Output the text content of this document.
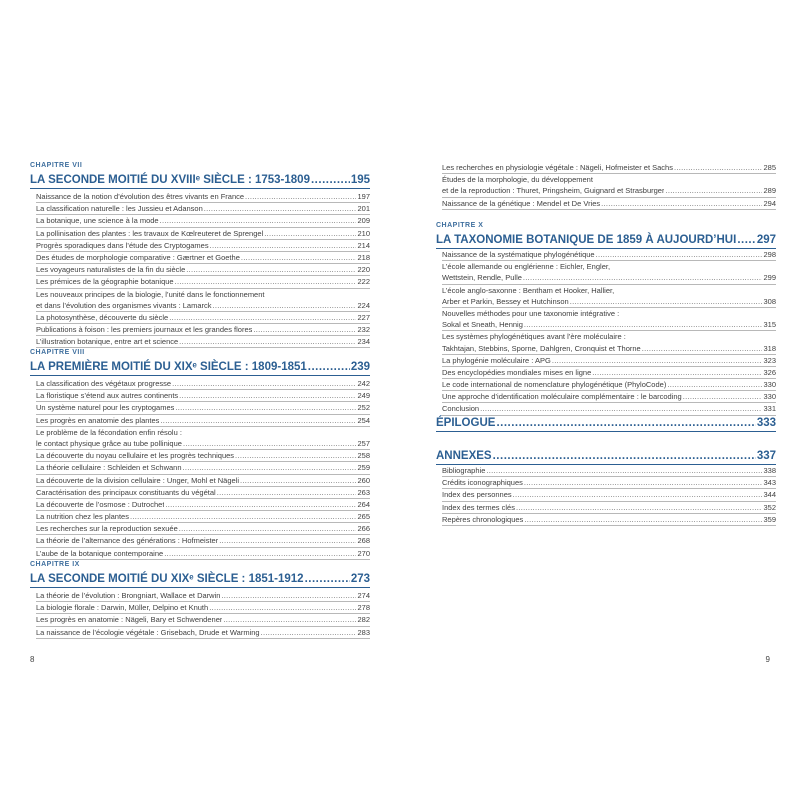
CHAPITRE VII
LA SECONDE MOITIÉ DU XVIIIᵉ SIÈCLE : 1753-1809 .....	195
Naissance de la notion d’évolution des êtres vivants en France .....	197
La classification naturelle : les Jussieu et Adanson .....	201
La botanique, une science à la mode .....	209
La pollinisation des plantes : les travaux de Kœlreuteret de Sprengel .....	210
Progrès sporadiques dans l’étude des Cryptogames .....	214
Des études de morphologie comparative : Gærtner et Goethe .....	218
Les voyageurs naturalistes de la fin du siècle .....	220
Les prémices de la géographie botanique .....	222
Les nouveaux principes de la biologie, l’unité dans le fonctionnement
et dans l’évolution des organismes vivants : Lamarck .....	224
La photosynthèse, découverte du siècle .....	227
Publications à foison : les premiers journaux et les grandes flores .....	232
L’illustration botanique, entre art et science .....	234
CHAPITRE VIII
LA PREMIÈRE MOITIÉ DU XIXᵉ SIÈCLE : 1809-1851 .....	239
La classification des végétaux progresse .....	242
La floristique s’étend aux autres continents .....	249
Un système naturel pour les cryptogames .....	252
Les progrès en anatomie des plantes .....	254
Le problème de la fécondation enfin résolu :
le contact physique grâce au tube pollinique .....	257
La découverte du noyau cellulaire et les progrès techniques .....	258
La théorie cellulaire : Schleiden et Schwann .....	259
La découverte de la division cellulaire : Unger, Mohl et Nägeli .....	260
Caractérisation des principaux constituants du végétal .....	263
La découverte de l’osmose : Dutrochet .....	264
La nutrition chez les plantes .....	265
Les recherches sur la reproduction sexuée .....	266
La théorie de l’alternance des générations : Hofmeister .....	268
L’aube de la botanique contemporaine .....	270
CHAPITRE IX
LA SECONDE MOITIÉ DU XIXᵉ SIÈCLE : 1851-1912 .....	273
La théorie de l’évolution : Brongniart, Wallace et Darwin .....	274
La biologie florale : Darwin, Müller, Delpino et Knuth .....	278
Les progrès en anatomie : Nägeli, Bary et Schwendener .....	282
La naissance de l’écologie végétale : Grisebach, Drude et Warming .....	283
8
Les recherches en physiologie végétale : Nägeli, Hofmeister et Sachs .....	285
Études de la morphologie, du développement
et de la reproduction : Thuret, Pringsheim, Guignard et Strasburger .....	289
Naissance de la génétique : Mendel et De Vries .....	294
CHAPITRE X
LA TAXONOMIE BOTANIQUE DE 1859 À AUJOURD’HUI ..... 297
Naissance de la systématique phylogénétique .....	298
L’école allemande ou englérienne : Eichler, Engler,
Wettstein, Rendle, Pulle .....	299
L’école anglo-saxonne : Bentham et Hooker, Hallier,
Arber et Parkin, Bessey et Hutchinson .....	308
Nouvelles méthodes pour une taxonomie intégrative :
Sokal et Sneath, Hennig .....	315
Les systèmes phylogénétiques avant l’ère moléculaire :
Takhtajan, Stebbins, Sporne, Dahlgren, Cronquist et Thorne .....	318
La phylogénie moléculaire : APG .....	323
Des encyclopédies mondiales mises en ligne .....	326
Le code international de nomenclature phylogénétique (PhyloCode) .....	330
Une approche d’identification moléculaire complémentaire : le barcoding .....	330
Conclusion .....	331
ÉPILOGUE .....	333
ANNEXES .....	337
Bibliographie .....	338
Crédits iconographiques .....	343
Index des personnes .....	344
Index des termes clés .....	352
Repères chronologiques .....	359
9
